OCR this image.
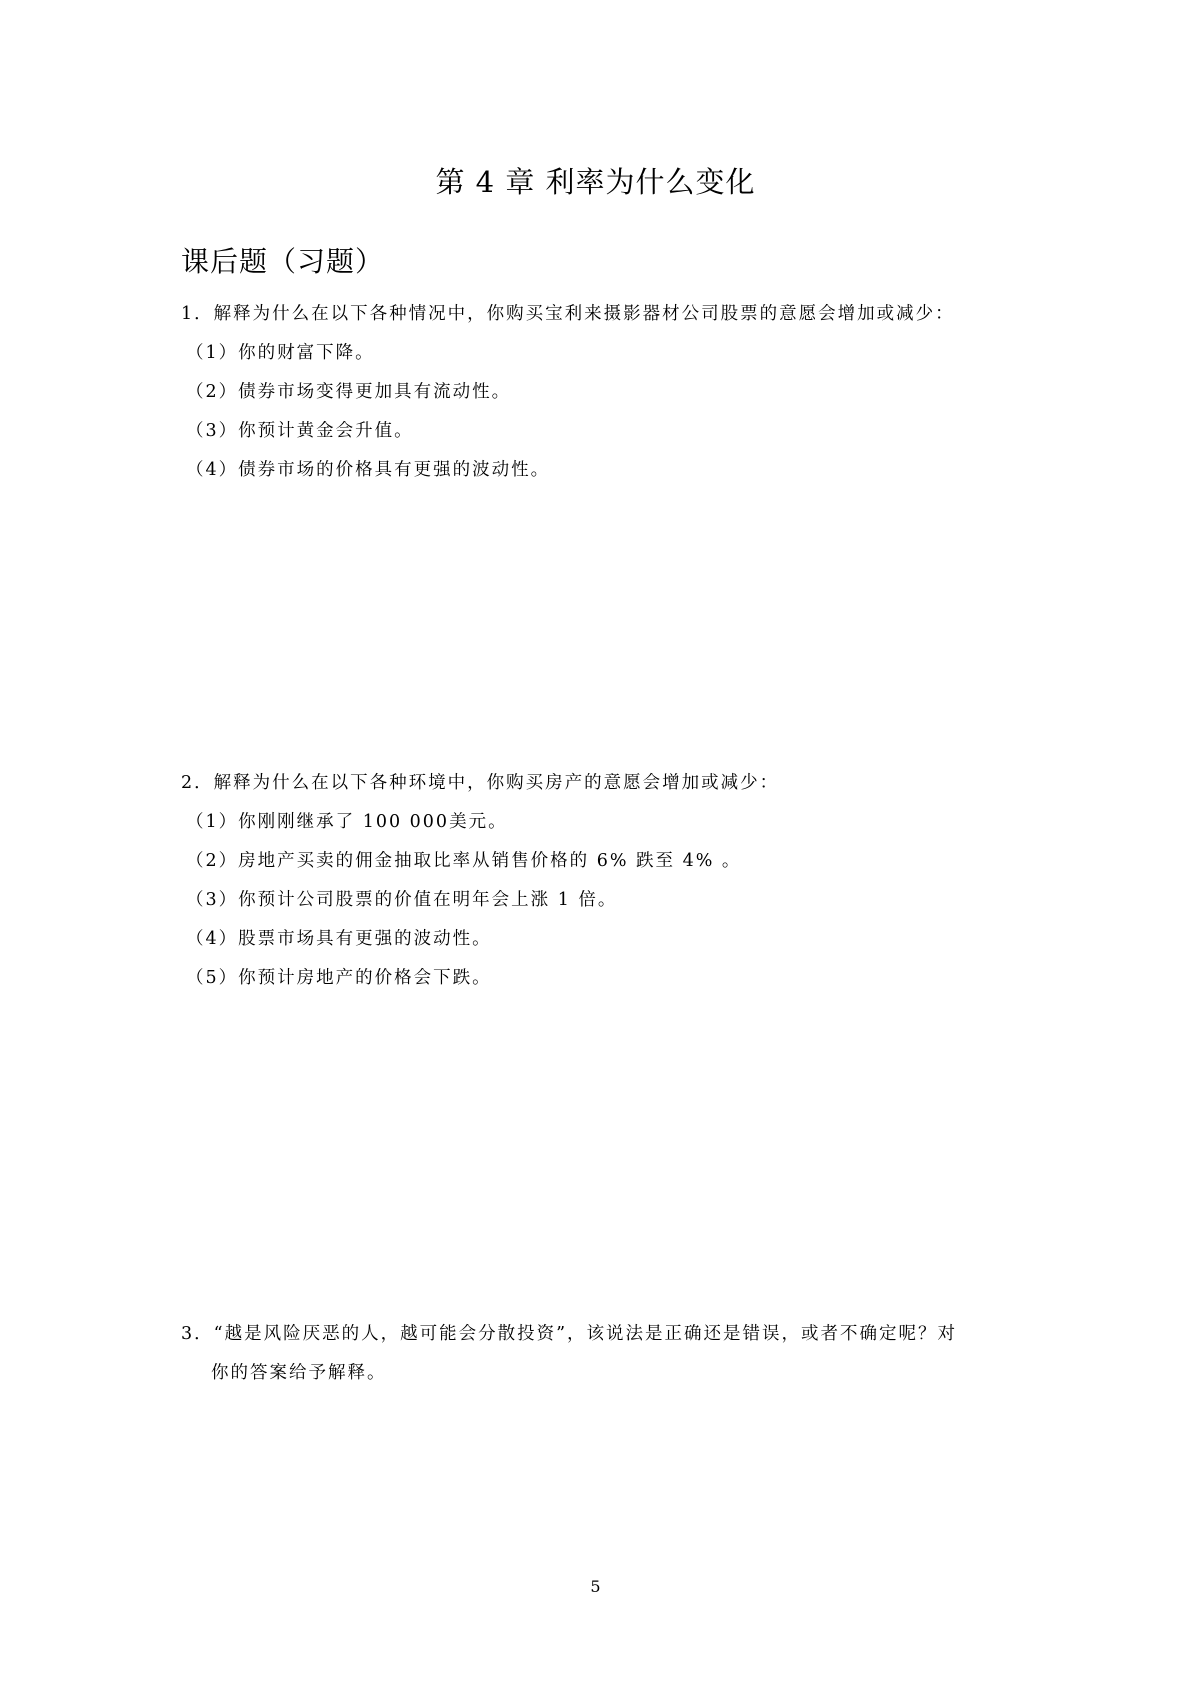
第 4 章 利率为什么变化
课后题（习题）
1．解释为什么在以下各种情况中，你购买宝利来摄影器材公司股票的意愿会增加或减少：
（1）你的财富下降。
（2）债券市场变得更加具有流动性。
（3）你预计黄金会升值。
（4）债券市场的价格具有更强的波动性。
2．解释为什么在以下各种环境中，你购买房产的意愿会增加或减少：
（1）你刚刚继承了 100 000美元。
（2）房地产买卖的佣金抽取比率从销售价格的 6% 跌至 4% 。
（3）你预计公司股票的价值在明年会上涨 1 倍。
（4）股票市场具有更强的波动性。
（5）你预计房地产的价格会下跌。
3．“越是风险厌恶的人，越可能会分散投资”，该说法是正确还是错误，或者不确定呢？对
你的答案给予解释。
5
